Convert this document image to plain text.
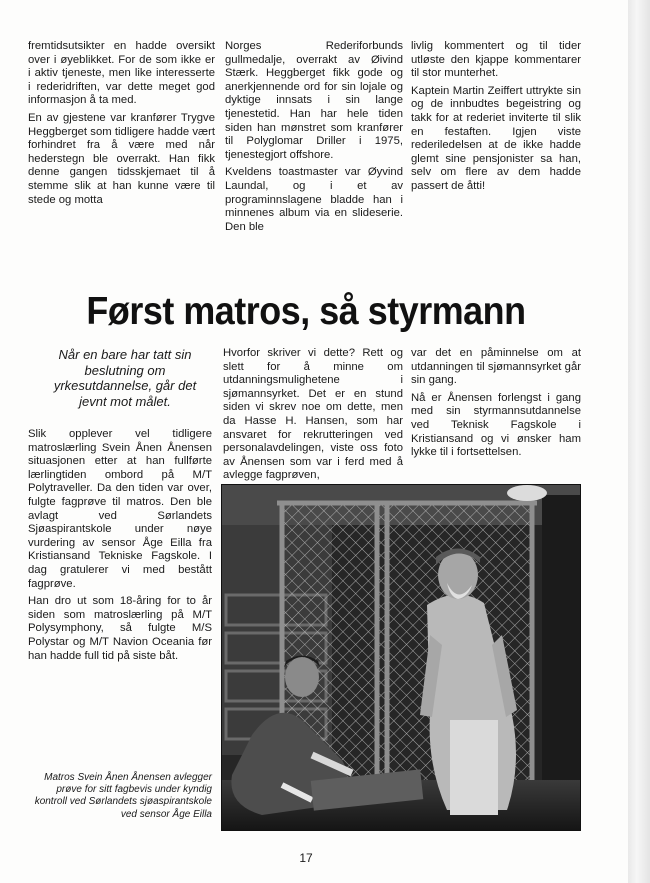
fremtidsutsikter en hadde oversikt over i øyeblikket. For de som ikke er i aktiv tjeneste, men like interesserte i rederidriften, var dette meget god informasjon å ta med.

En av gjestene var kranfører Trygve Heggberget som tidligere hadde vært forhindret fra å være med når hederstegn ble overrakt. Han fikk denne gangen tidsskjemaet til å stemme slik at han kunne være til stede og motta

Norges Rederiforbunds gullmedalje, overrakt av Øivind Stærk. Heggberget fikk gode og anerkjennende ord for sin lojale og dyktige innsats i sin lange tjenestetid. Han har hele tiden siden han mønstret som kranfører til Polyglomar Driller i 1975, tjenestegjort offshore.

Kveldens toastmaster var Øyvind Laundal, og i et av programinnslagene bladde han i minnenes album via en slideserie. Den ble

livlig kommentert og til tider utløste den kjappe kommentarer til stor munterhet.

Kaptein Martin Zeiffert uttrykte sin og de innbudtes begeistring og takk for at rederiet inviterte til slik en festaften. Igjen viste rederiledelsen at de ikke hadde glemt sine pensjonister sa han, selv om flere av dem hadde passert de åtti!

Først matros, så styrmann
Når en bare har tatt sin beslutning om yrkesutdannelse, går det jevnt mot målet.

Slik opplever vel tidligere matroslærling Svein Ånen Ånensen situasjonen etter at han fullførte lærlingtiden ombord på M/T Polytraveller. Da den tiden var over, fulgte fagprøve til matros. Den ble avlagt ved Sørlandets Sjøaspirantskole under nøye vurdering av sensor Åge Eilla fra Kristiansand Tekniske Fagskole. I dag gratulerer vi med bestått fagprøve.

Han dro ut som 18-åring for to år siden som matroslærling på M/T Polysymphony, så fulgte M/S Polystar og M/T Navion Oceania før han hadde full tid på siste båt.

Hvorfor skriver vi dette? Rett og slett for å minne om utdanningsmulighetene i sjømannsyrket. Det er en stund siden vi skrev noe om dette, men da Hasse H. Hansen, som har ansvaret for rekrutteringen ved personalavdelingen, viste oss foto av Ånensen som var i ferd med å avlegge fagprøven,

var det en påminnelse om at utdanningen til sjømannsyrket går sin gang.

Nå er Ånensen forlengst i gang med sin styrmannsutdannelse ved Teknisk Fagskole i Kristiansand og vi ønsker ham lykke til i fortsettelsen.

Matros Svein Ånen Ånensen avlegger prøve for sitt fagbevis under kyndig kontroll ved Sørlandets sjøaspirantskole ved sensor Åge Eilla
17
